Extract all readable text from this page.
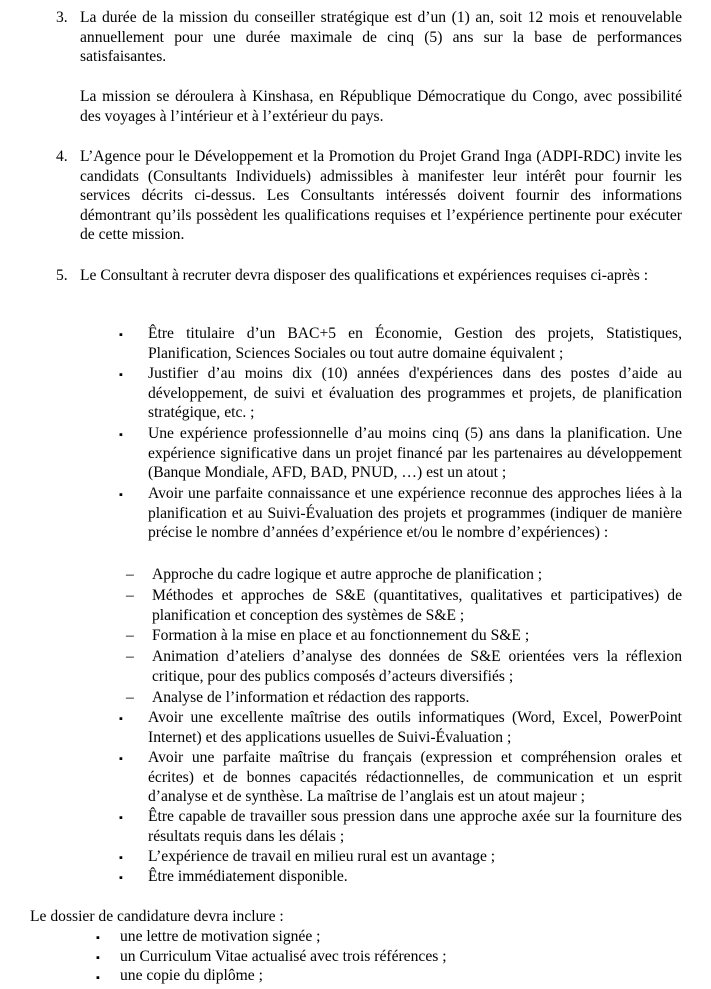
3. La durée de la mission du conseiller stratégique est d’un (1) an, soit 12 mois et renouvelable annuellement pour une durée maximale de cinq (5) ans sur la base de performances satisfaisantes.
La mission se déroulera à Kinshasa, en République Démocratique du Congo, avec possibilité des voyages à l’intérieur et à l’extérieur du pays.
4. L’Agence pour le Développement et la Promotion du Projet Grand Inga (ADPI-RDC) invite les candidats (Consultants Individuels) admissibles à manifester leur intérêt pour fournir les services décrits ci-dessus. Les Consultants intéressés doivent fournir des informations démontrant qu’ils possèdent les qualifications requises et l’expérience pertinente pour exécuter de cette mission.
5. Le Consultant à recruter devra disposer des qualifications et expériences requises ci-après :
▪ Être titulaire d’un BAC+5 en Économie, Gestion des projets, Statistiques, Planification, Sciences Sociales ou tout autre domaine équivalent ;
▪ Justifier d’au moins dix (10) années d'expériences dans des postes d’aide au développement, de suivi et évaluation des programmes et projets, de planification stratégique, etc. ;
▪ Une expérience professionnelle d’au moins cinq (5) ans dans la planification. Une expérience significative dans un projet financé par les partenaires au développement (Banque Mondiale, AFD, BAD, PNUD, …) est un atout ;
▪ Avoir une parfaite connaissance et une expérience reconnue des approches liées à la planification et au Suivi-Évaluation des projets et programmes (indiquer de manière précise le nombre d’années d’expérience et/ou le nombre d’expériences) :
– Approche du cadre logique et autre approche de planification ;
– Méthodes et approches de S&E (quantitatives, qualitatives et participatives) de planification et conception des systèmes de S&E ;
– Formation à la mise en place et au fonctionnement du S&E ;
– Animation d’ateliers d’analyse des données de S&E orientées vers la réflexion critique, pour des publics composés d’acteurs diversifiés ;
– Analyse de l’information et rédaction des rapports.
▪ Avoir une excellente maîtrise des outils informatiques (Word, Excel, PowerPoint Internet) et des applications usuelles de Suivi-Évaluation ;
▪ Avoir une parfaite maîtrise du français (expression et compréhension orales et écrites) et de bonnes capacités rédactionnelles, de communication et un esprit d’analyse et de synthèse. La maîtrise de l’anglais est un atout majeur ;
▪ Être capable de travailler sous pression dans une approche axée sur la fourniture des résultats requis dans les délais ;
▪ L’expérience de travail en milieu rural est un avantage ;
▪ Être immédiatement disponible.
Le dossier de candidature devra inclure :
▪ une lettre de motivation signée ;
▪ un Curriculum Vitae actualisé avec trois références ;
▪ une copie du diplôme ;
